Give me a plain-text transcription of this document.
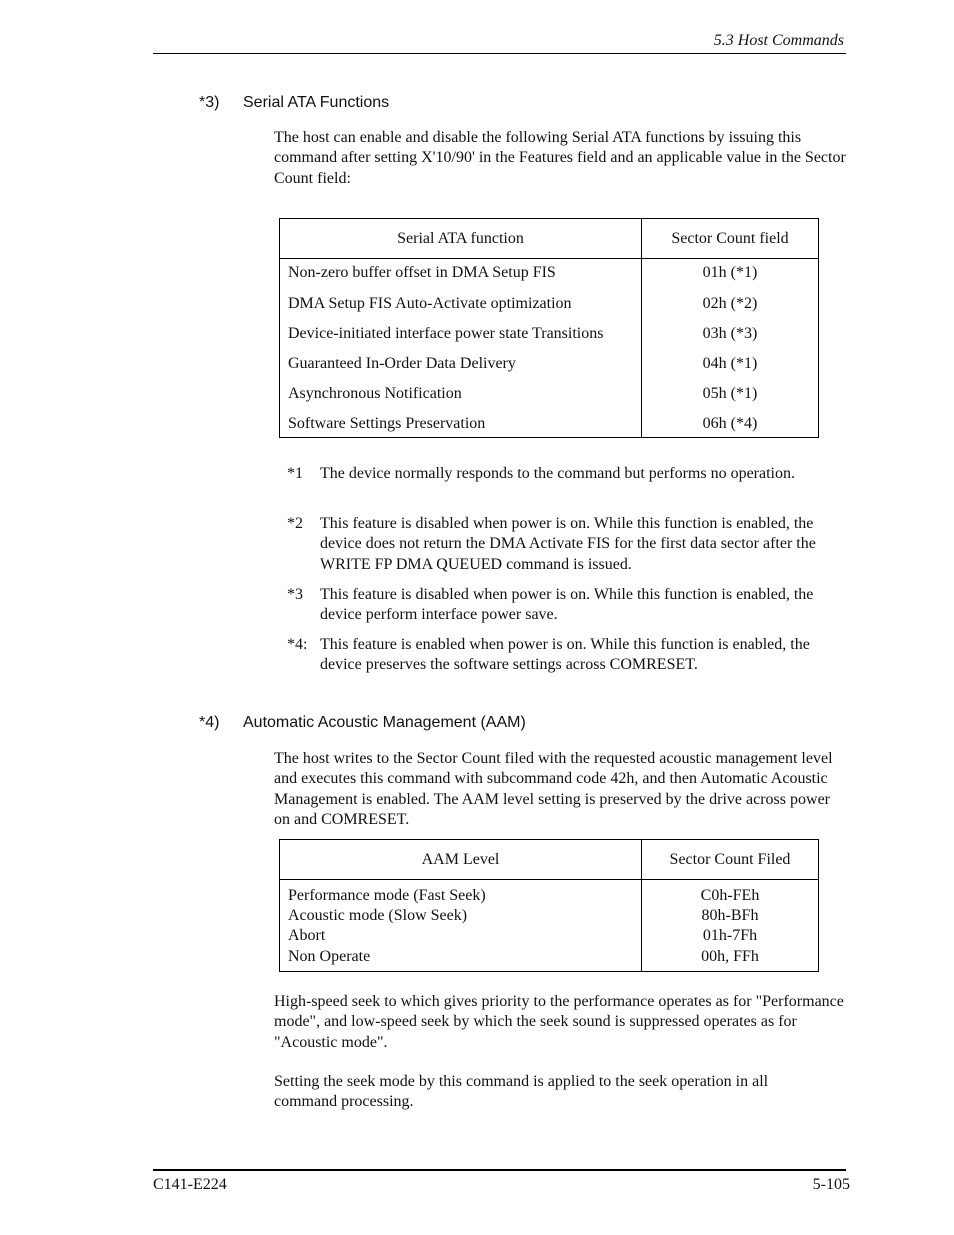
5.3 Host Commands
*3) Serial ATA Functions
The host can enable and disable the following Serial ATA functions by issuing this command after setting X'10/90' in the Features field and an applicable value in the Sector Count field:
Serial ATA function	Sector Count field
Non-zero buffer offset in DMA Setup FIS	01h (*1)
DMA Setup FIS Auto-Activate optimization	02h (*2)
Device-initiated interface power state Transitions	03h (*3)
Guaranteed In-Order Data Delivery	04h (*1)
Asynchronous Notification	05h (*1)
Software Settings Preservation	06h (*4)
*1 The device normally responds to the command but performs no operation.
*2 This feature is disabled when power is on. While this function is enabled, the device does not return the DMA Activate FIS for the first data sector after the WRITE FP DMA QUEUED command is issued.
*3 This feature is disabled when power is on. While this function is enabled, the device perform interface power save.
*4: This feature is enabled when power is on. While this function is enabled, the device preserves the software settings across COMRESET.
*4) Automatic Acoustic Management (AAM)
The host writes to the Sector Count filed with the requested acoustic management level and executes this command with subcommand code 42h, and then Automatic Acoustic Management is enabled. The AAM level setting is preserved by the drive across power on and COMRESET.
AAM Level	Sector Count Filed
Performance mode (Fast Seek)	C0h-FEh
Acoustic mode (Slow Seek)	80h-BFh
Abort	01h-7Fh
Non Operate	00h, FFh
High-speed seek to which gives priority to the performance operates as for "Performance mode", and low-speed seek by which the seek sound is suppressed operates as for "Acoustic mode".
Setting the seek mode by this command is applied to the seek operation in all command processing.
C141-E224	5-105
